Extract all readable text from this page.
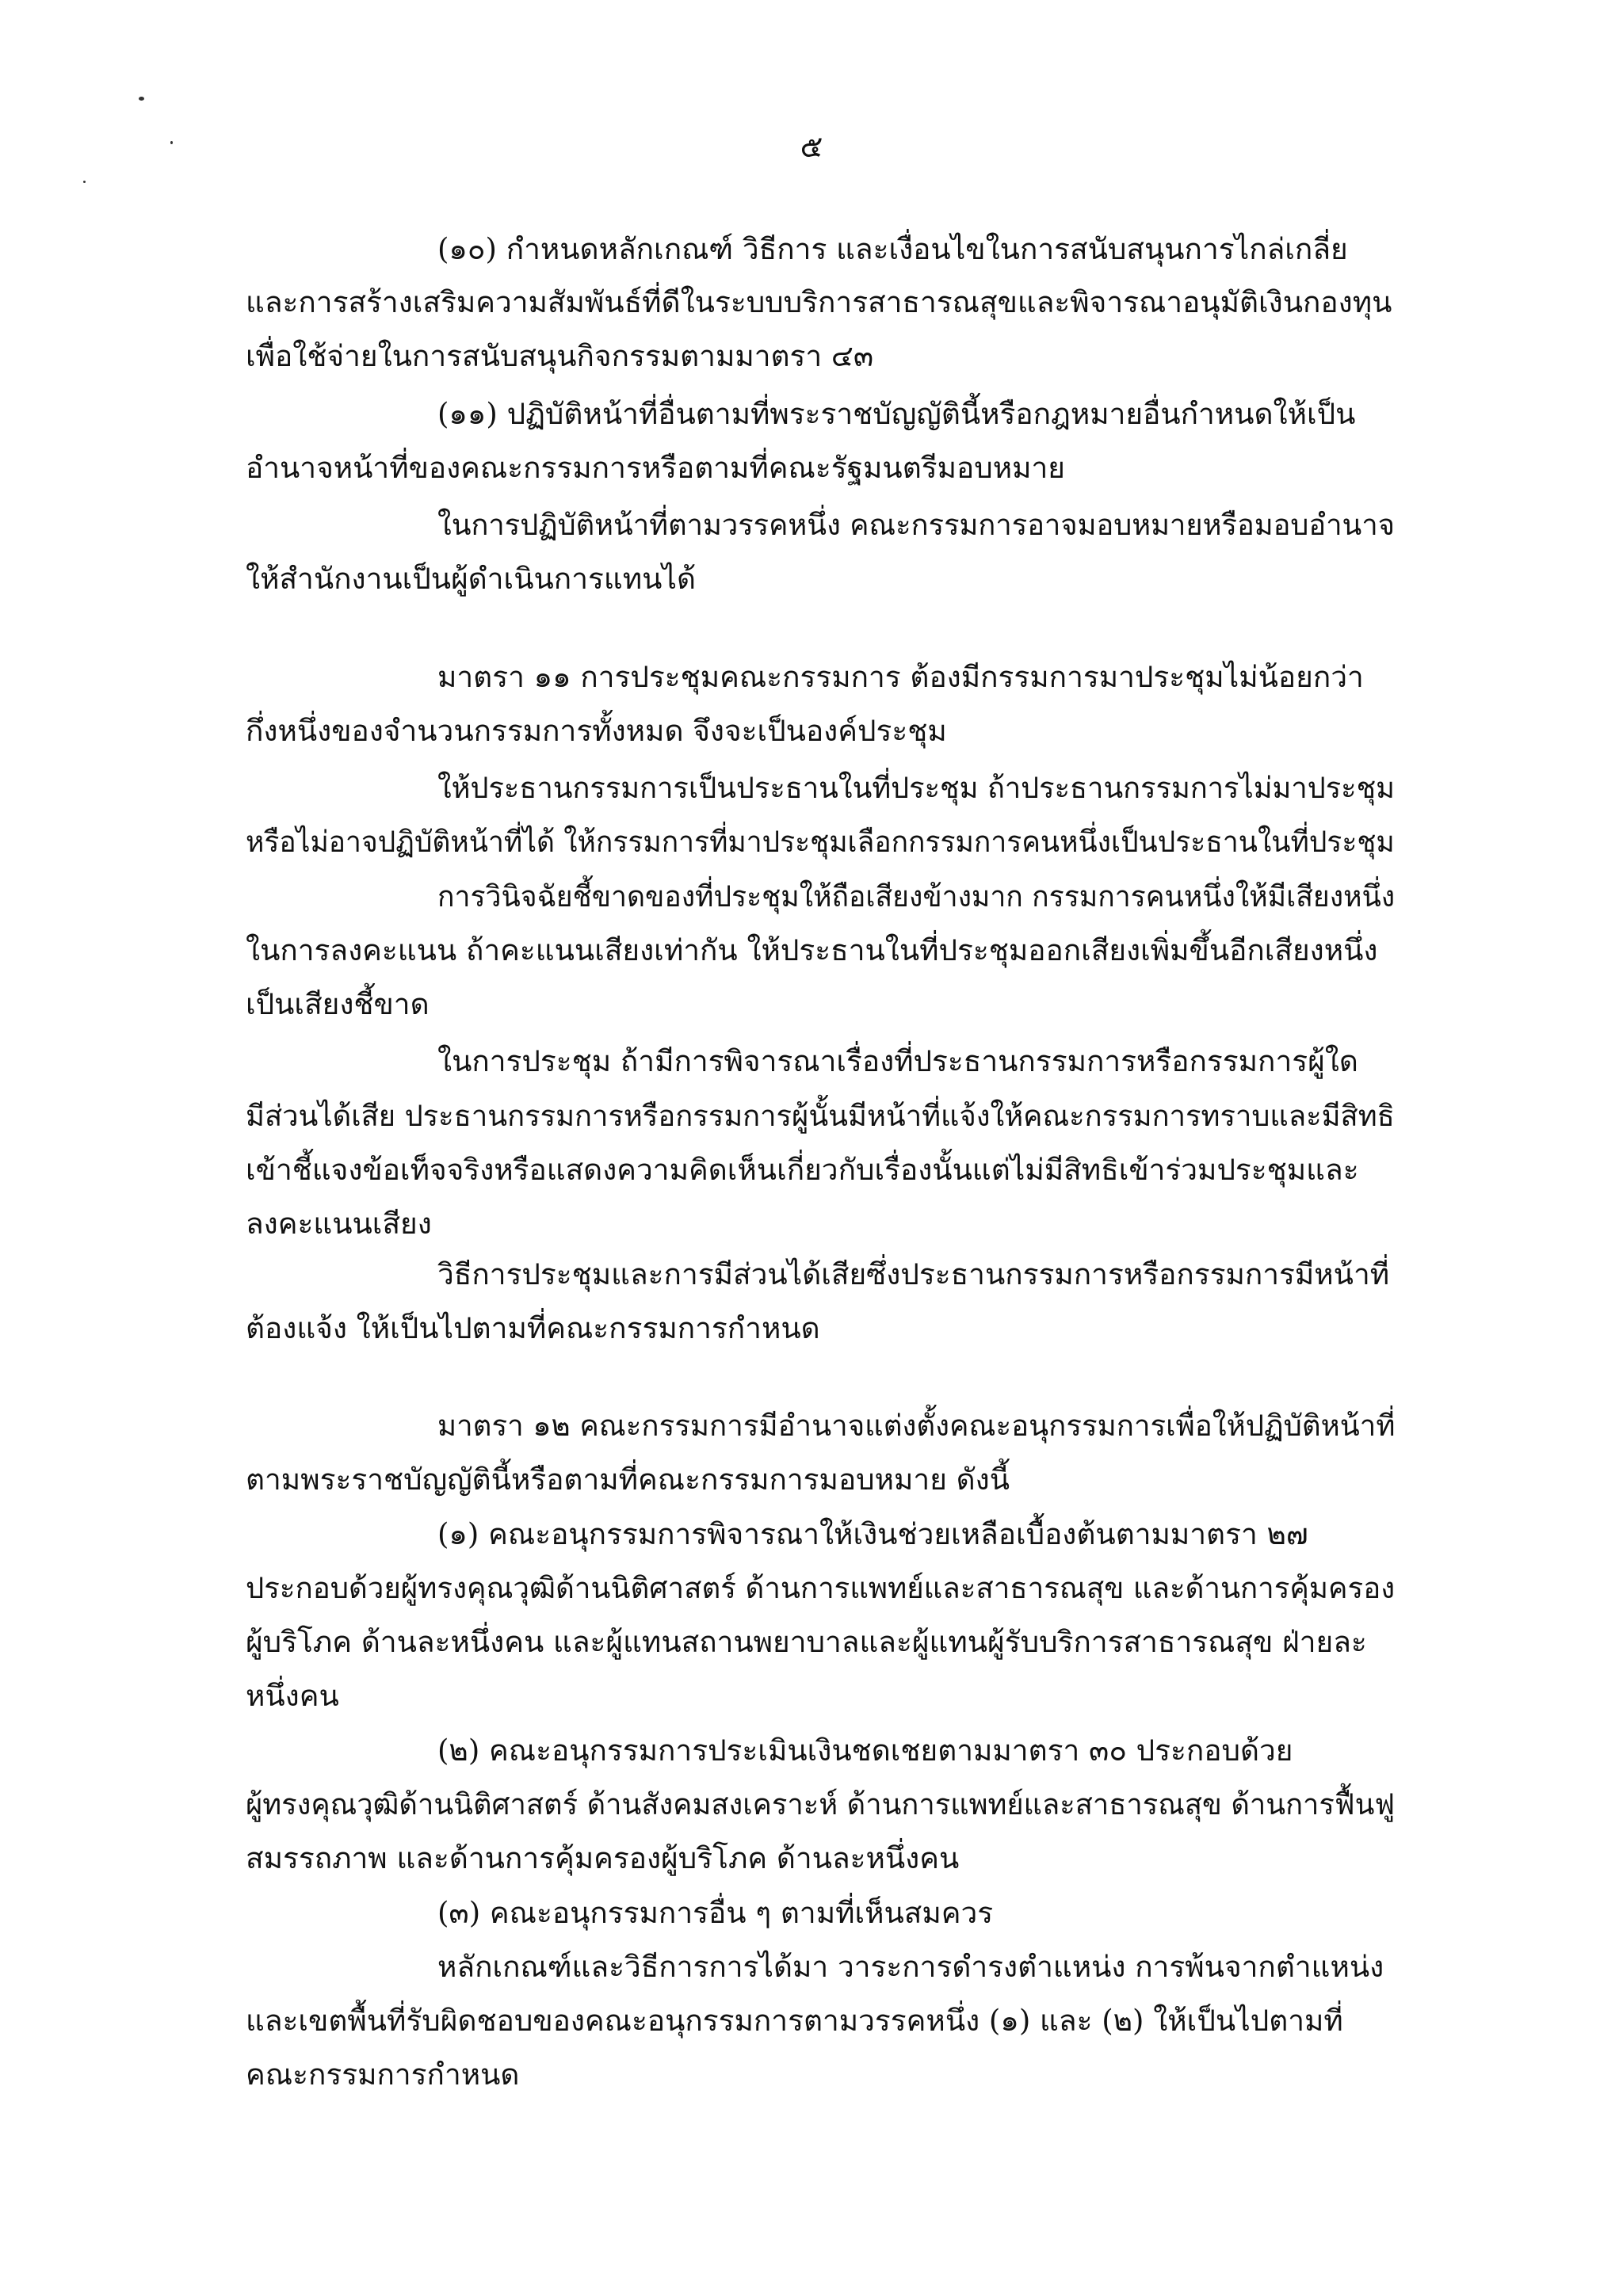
๕
(๑๐) กำหนดหลักเกณฑ์ วิธีการ และเงื่อนไขในการสนับสนุนการไกล่เกลี่ย
และการสร้างเสริมความสัมพันธ์ที่ดีในระบบบริการสาธารณสุขและพิจารณาอนุมัติเงินกองทุน
เพื่อใช้จ่ายในการสนับสนุนกิจกรรมตามมาตรา ๔๓
(๑๑) ปฏิบัติหน้าที่อื่นตามที่พระราชบัญญัตินี้หรือกฎหมายอื่นกำหนดให้เป็น
อำนาจหน้าที่ของคณะกรรมการหรือตามที่คณะรัฐมนตรีมอบหมาย
ในการปฏิบัติหน้าที่ตามวรรคหนึ่ง คณะกรรมการอาจมอบหมายหรือมอบอำนาจ
ให้สำนักงานเป็นผู้ดำเนินการแทนได้
มาตรา ๑๑ การประชุมคณะกรรมการ ต้องมีกรรมการมาประชุมไม่น้อยกว่า
กึ่งหนึ่งของจำนวนกรรมการทั้งหมด จึงจะเป็นองค์ประชุม
ให้ประธานกรรมการเป็นประธานในที่ประชุม ถ้าประธานกรรมการไม่มาประชุม
หรือไม่อาจปฏิบัติหน้าที่ได้ ให้กรรมการที่มาประชุมเลือกกรรมการคนหนึ่งเป็นประธานในที่ประชุม
การวินิจฉัยชี้ขาดของที่ประชุมให้ถือเสียงข้างมาก กรรมการคนหนึ่งให้มีเสียงหนึ่ง
ในการลงคะแนน ถ้าคะแนนเสียงเท่ากัน ให้ประธานในที่ประชุมออกเสียงเพิ่มขึ้นอีกเสียงหนึ่ง
เป็นเสียงชี้ขาด
ในการประชุม ถ้ามีการพิจารณาเรื่องที่ประธานกรรมการหรือกรรมการผู้ใด
มีส่วนได้เสีย ประธานกรรมการหรือกรรมการผู้นั้นมีหน้าที่แจ้งให้คณะกรรมการทราบและมีสิทธิ
เข้าชี้แจงข้อเท็จจริงหรือแสดงความคิดเห็นเกี่ยวกับเรื่องนั้นแต่ไม่มีสิทธิเข้าร่วมประชุมและ
ลงคะแนนเสียง
วิธีการประชุมและการมีส่วนได้เสียซึ่งประธานกรรมการหรือกรรมการมีหน้าที่
ต้องแจ้ง ให้เป็นไปตามที่คณะกรรมการกำหนด
มาตรา ๑๒ คณะกรรมการมีอำนาจแต่งตั้งคณะอนุกรรมการเพื่อให้ปฏิบัติหน้าที่
ตามพระราชบัญญัตินี้หรือตามที่คณะกรรมการมอบหมาย ดังนี้
(๑) คณะอนุกรรมการพิจารณาให้เงินช่วยเหลือเบื้องต้นตามมาตรา ๒๗
ประกอบด้วยผู้ทรงคุณวุฒิด้านนิติศาสตร์ ด้านการแพทย์และสาธารณสุข และด้านการคุ้มครอง
ผู้บริโภค ด้านละหนึ่งคน และผู้แทนสถานพยาบาลและผู้แทนผู้รับบริการสาธารณสุข ฝ่ายละ
หนึ่งคน
(๒) คณะอนุกรรมการประเมินเงินชดเชยตามมาตรา ๓๐ ประกอบด้วย
ผู้ทรงคุณวุฒิด้านนิติศาสตร์ ด้านสังคมสงเคราะห์ ด้านการแพทย์และสาธารณสุข ด้านการฟื้นฟู
สมรรถภาพ และด้านการคุ้มครองผู้บริโภค ด้านละหนึ่งคน
(๓) คณะอนุกรรมการอื่น ๆ ตามที่เห็นสมควร
หลักเกณฑ์และวิธีการการได้มา วาระการดำรงตำแหน่ง การพ้นจากตำแหน่ง
และเขตพื้นที่รับผิดชอบของคณะอนุกรรมการตามวรรคหนึ่ง (๑) และ (๒) ให้เป็นไปตามที่
คณะกรรมการกำหนด
